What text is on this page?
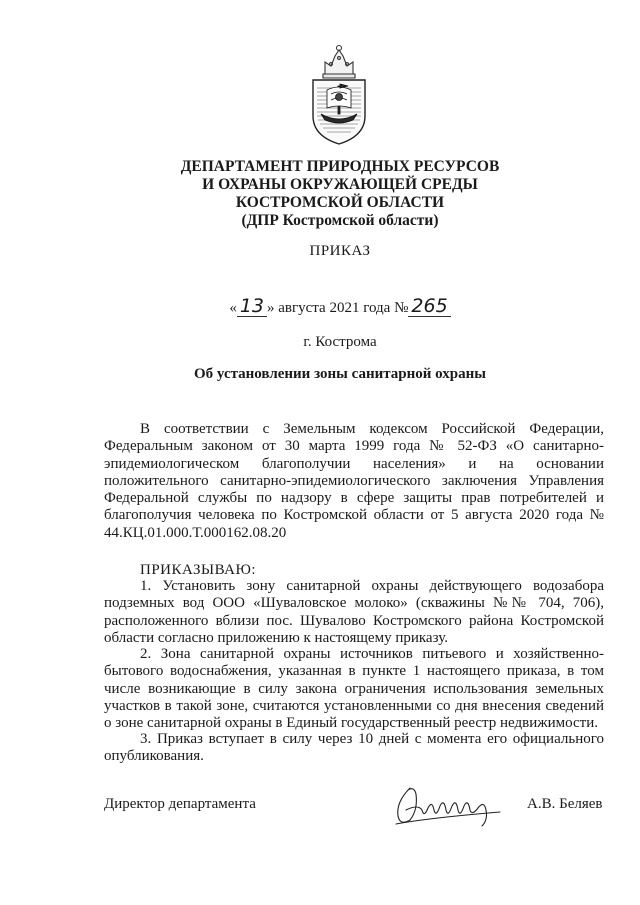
ДЕПАРТАМЕНТ ПРИРОДНЫХ РЕСУРСОВ
И ОХРАНЫ ОКРУЖАЮЩЕЙ СРЕДЫ
КОСТРОМСКОЙ ОБЛАСТИ
(ДПР Костромской области)
ПРИКАЗ
« 13 » августа 2021 года № 265
г. Кострома
Об установлении зоны санитарной охраны
В соответствии с Земельным кодексом Российской Федерации, Федеральным законом от 30 марта 1999 года № 52-ФЗ «О санитарно-эпидемиологическом благополучии населения» и на основании положительного санитарно-эпидемиологического заключения Управления Федеральной службы по надзору в сфере защиты прав потребителей и благополучия человека по Костромской области от 5 августа 2020 года № 44.КЦ.01.000.Т.000162.08.20
ПРИКАЗЫВАЮ:
1. Установить зону санитарной охраны действующего водозабора подземных вод ООО «Шуваловское молоко» (скважины №№ 704, 706), расположенного вблизи пос. Шувалово Костромского района Костромской области согласно приложению к настоящему приказу.
2. Зона санитарной охраны источников питьевого и хозяйственно-бытового водоснабжения, указанная в пункте 1 настоящего приказа, в том числе возникающие в силу закона ограничения использования земельных участков в такой зоне, считаются установленными со дня внесения сведений о зоне санитарной охраны в Единый государственный реестр недвижимости.
3. Приказ вступает в силу через 10 дней с момента его официального опубликования.
Директор департамента	А.В. Беляев
